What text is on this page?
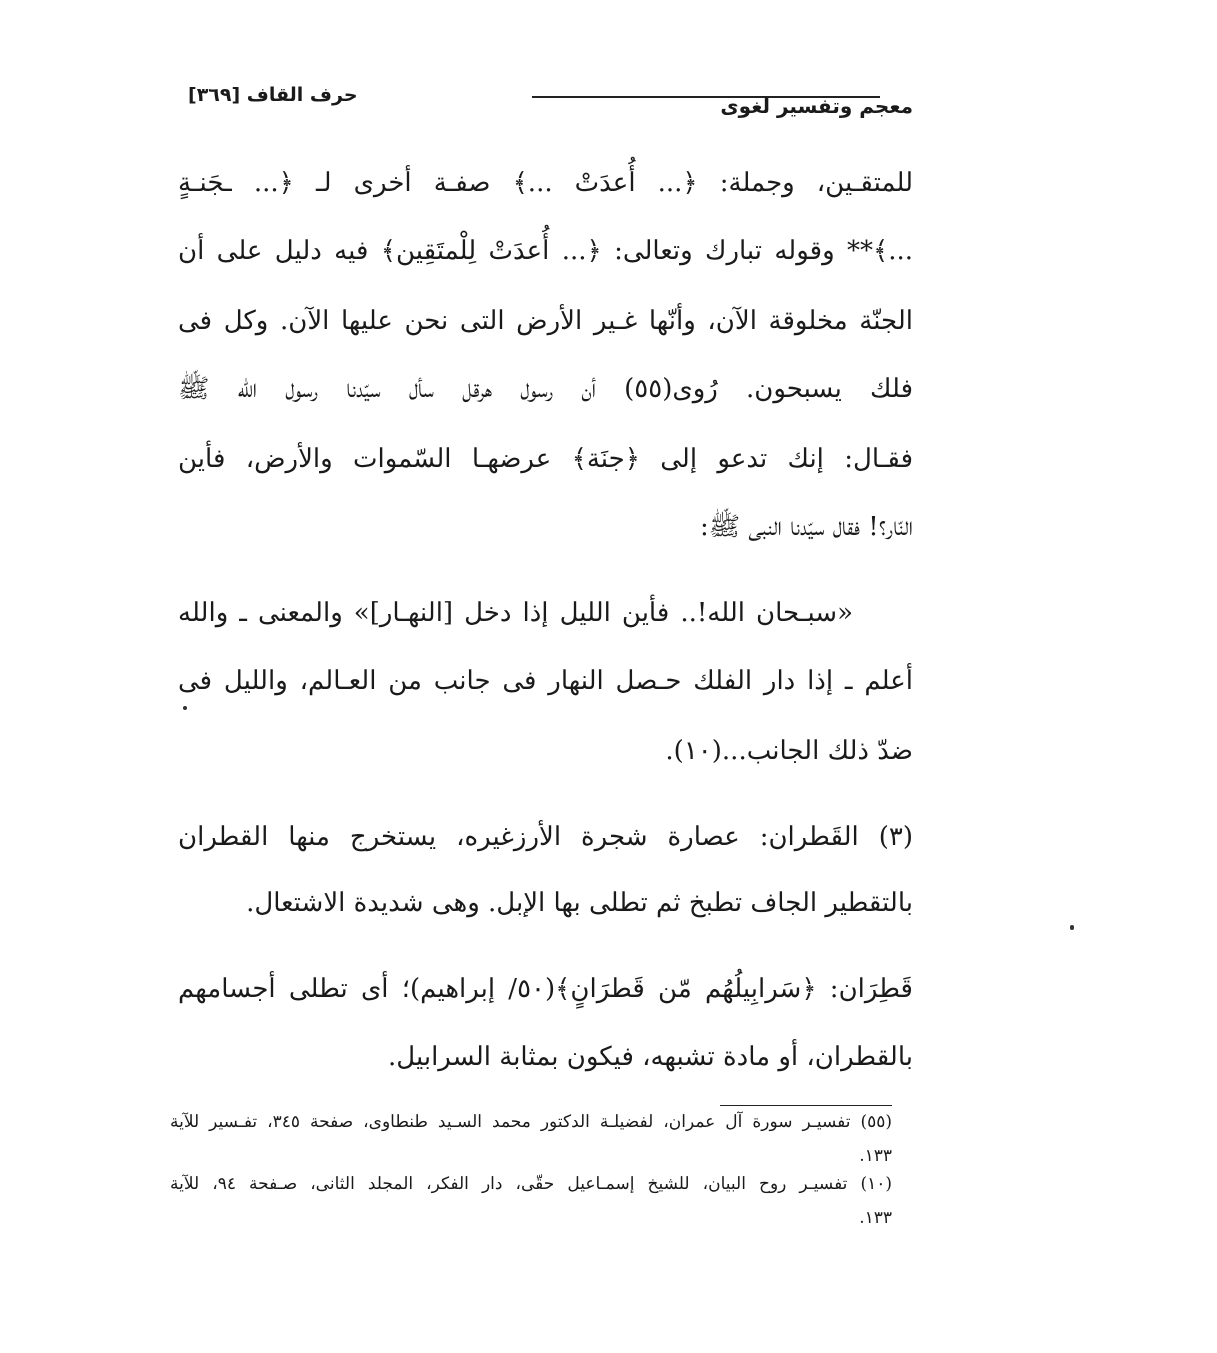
حرف القاف [٣٦٩]	معجم وتفسير لغوى
للمتقـين، وجملة: ﴿... أُعدَتْ ...﴾ صفـة أخرى لـ ﴿... ـجَنـةٍ
...﴾** وقوله تبارك وتعالى: ﴿... أُعدَتْ لِلْمتَقِين﴾ فيه دليل على أن
الجنّة مخلوقة الآن، وأنّها غـير الأرض التى نحن عليها الآن. وكل فى
فلك يسبحون. رُوى(٥٥) أن رسول هرقل سأل سيّدنا رسول الله ﷺ
فقـال: إنك تدعو إلى ﴿جنَة﴾ عرضهـا السّموات والأرض، فأين
النّار؟! فقال سيّدنا النبى ﷺ:
«سبـحان الله!.. فأين الليل إذا دخل [النهـار]» والمعنى ـ والله
أعلم ـ إذا دار الفلك حـصل النهار فى جانب من العـالم، والليل فى
ضدّ ذلك الجانب...(١٠).
(٣) القَطران: عصارة شجرة الأرزغيره، يستخرج منها القطران
بالتقطير الجاف تطبخ ثم تطلى بها الإبل. وهى شديدة الاشتعال.
قَطِرَان: ﴿سَرابِيلُهُم مّن قَطرَانٍ﴾(٥٠/ إبراهيم)؛ أى تطلى أجسامهم
بالقطران، أو مادة تشبهه، فيكون بمثابة السرابيل.
(٥٥) تفسيـر سورة آل عمران، لفضيلـة الدكتور محمد السـيد طنطاوى، صفحة ٣٤٥، تفـسير للآية
١٣٣.
(١٠) تفسيـر روح البيان، للشيخ إسمـاعيل حقّى، دار الفكر، المجلد الثانى، صـفحة ٩٤، للآية
١٣٣.
